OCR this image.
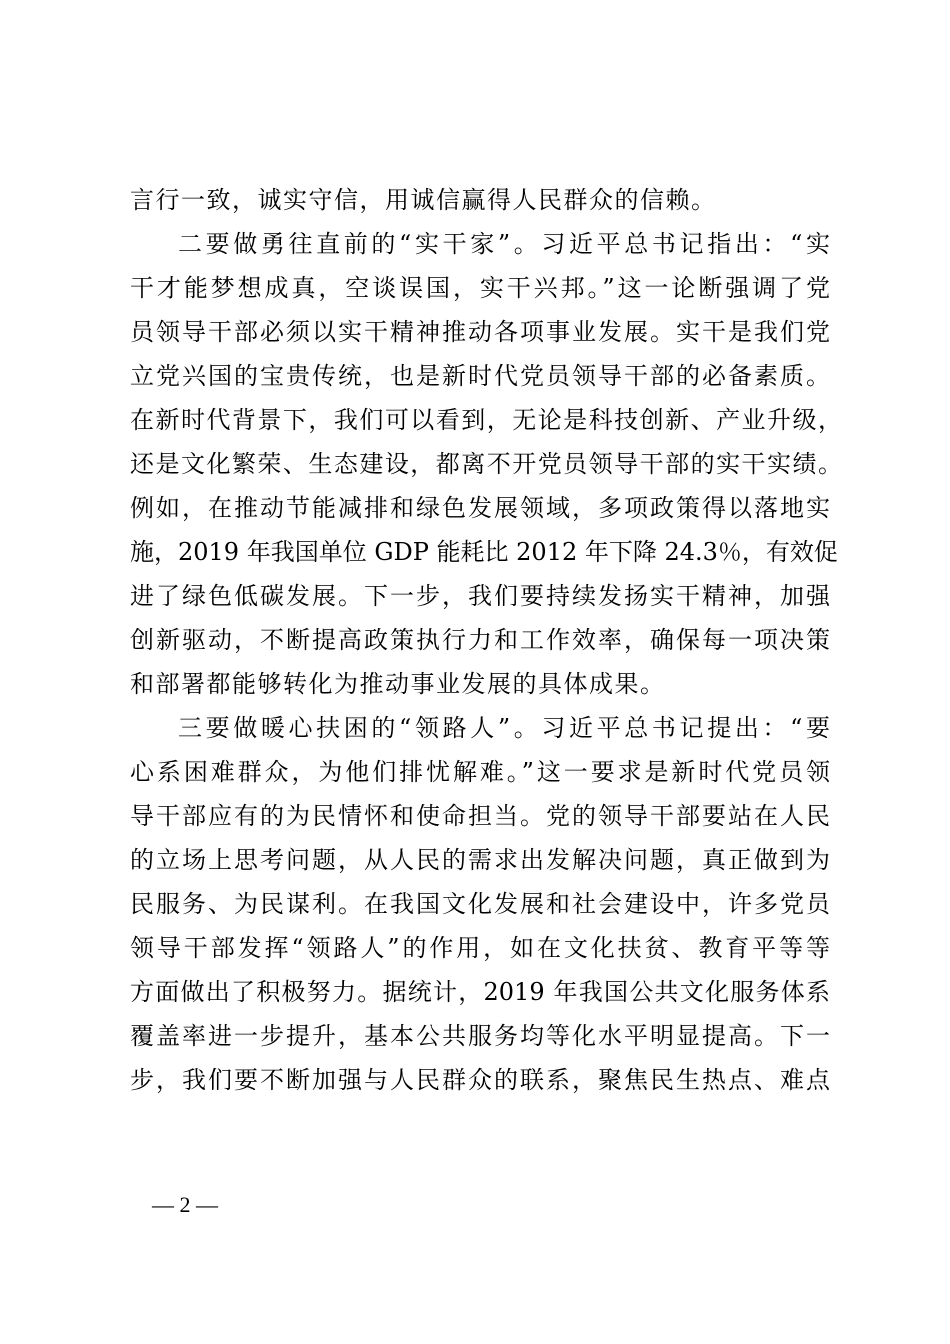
言行一致，诚实守信，用诚信赢得人民群众的信赖。
二要做勇往直前的“实干家”。习近平总书记指出：“实
干才能梦想成真，空谈误国，实干兴邦。”这一论断强调了党
员领导干部必须以实干精神推动各项事业发展。实干是我们党
立党兴国的宝贵传统，也是新时代党员领导干部的必备素质。
在新时代背景下，我们可以看到，无论是科技创新、产业升级，
还是文化繁荣、生态建设，都离不开党员领导干部的实干实绩。
例如，在推动节能减排和绿色发展领域，多项政策得以落地实
施，2019 年我国单位 GDP 能耗比 2012 年下降 24.3％，有效促
进了绿色低碳发展。下一步，我们要持续发扬实干精神，加强
创新驱动，不断提高政策执行力和工作效率，确保每一项决策
和部署都能够转化为推动事业发展的具体成果。
三要做暖心扶困的“领路人”。习近平总书记提出：“要
心系困难群众，为他们排忧解难。”这一要求是新时代党员领
导干部应有的为民情怀和使命担当。党的领导干部要站在人民
的立场上思考问题，从人民的需求出发解决问题，真正做到为
民服务、为民谋利。在我国文化发展和社会建设中，许多党员
领导干部发挥“领路人”的作用，如在文化扶贫、教育平等等
方面做出了积极努力。据统计，2019 年我国公共文化服务体系
覆盖率进一步提升，基本公共服务均等化水平明显提高。下一
步，我们要不断加强与人民群众的联系，聚焦民生热点、难点
— 2 —
